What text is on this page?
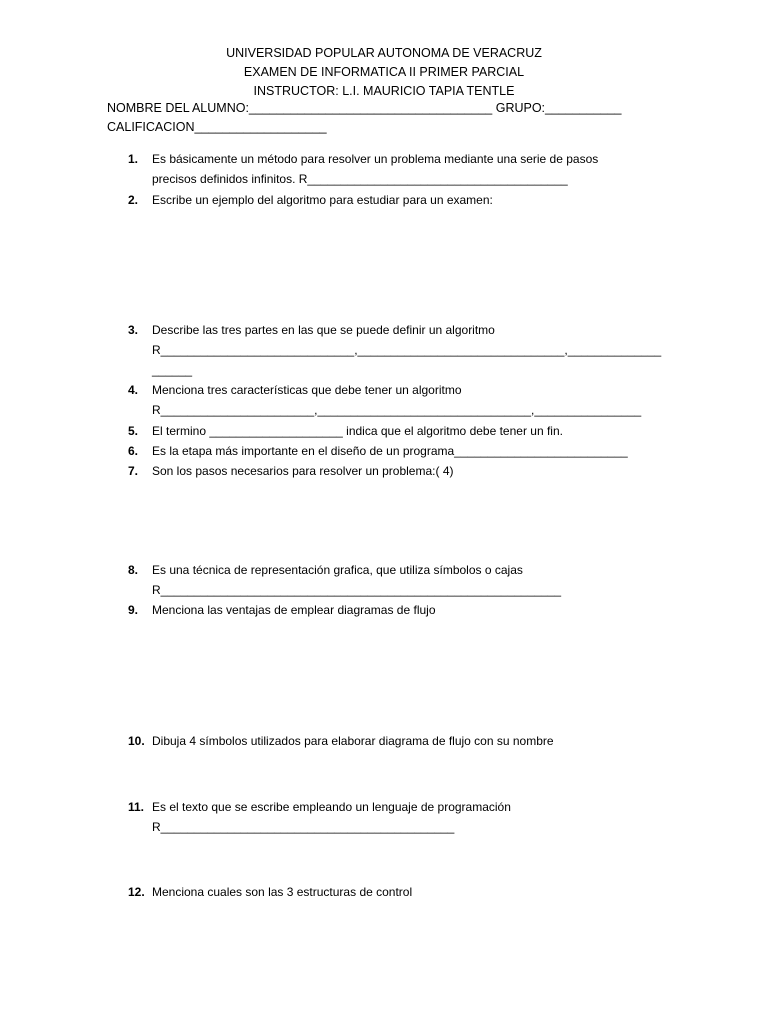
UNIVERSIDAD POPULAR AUTONOMA DE VERACRUZ
EXAMEN DE INFORMATICA II PRIMER PARCIAL
INSTRUCTOR: L.I. MAURICIO TAPIA TENTLE
NOMBRE DEL ALUMNO:___________________________________ GRUPO:___________
CALIFICACION___________________
1.	Es básicamente un método para resolver un problema mediante una serie de pasos
precisos definidos infinitos. R_______________________________________
2.	Escribe un ejemplo del algoritmo para estudiar para un examen:
3.	Describe las tres partes en las que se puede definir un algoritmo
R_____________________________,_______________________________,______________
______
4.	Menciona tres características que debe tener un algoritmo
R_______________________,________________________________,________________
5.	El termino ____________________ indica que el algoritmo debe tener un fin.
6.	Es la etapa más importante en el diseño de un programa__________________________
7.	Son los pasos necesarios para resolver un problema:( 4)
8.	Es una técnica de representación grafica, que utiliza símbolos o cajas
R____________________________________________________________
9.	Menciona las ventajas de emplear diagramas de flujo
10. Dibuja 4 símbolos utilizados para elaborar diagrama de flujo con su nombre
11. Es el texto que se escribe empleando un lenguaje de programación
R____________________________________________
12. Menciona cuales son las 3 estructuras de control
